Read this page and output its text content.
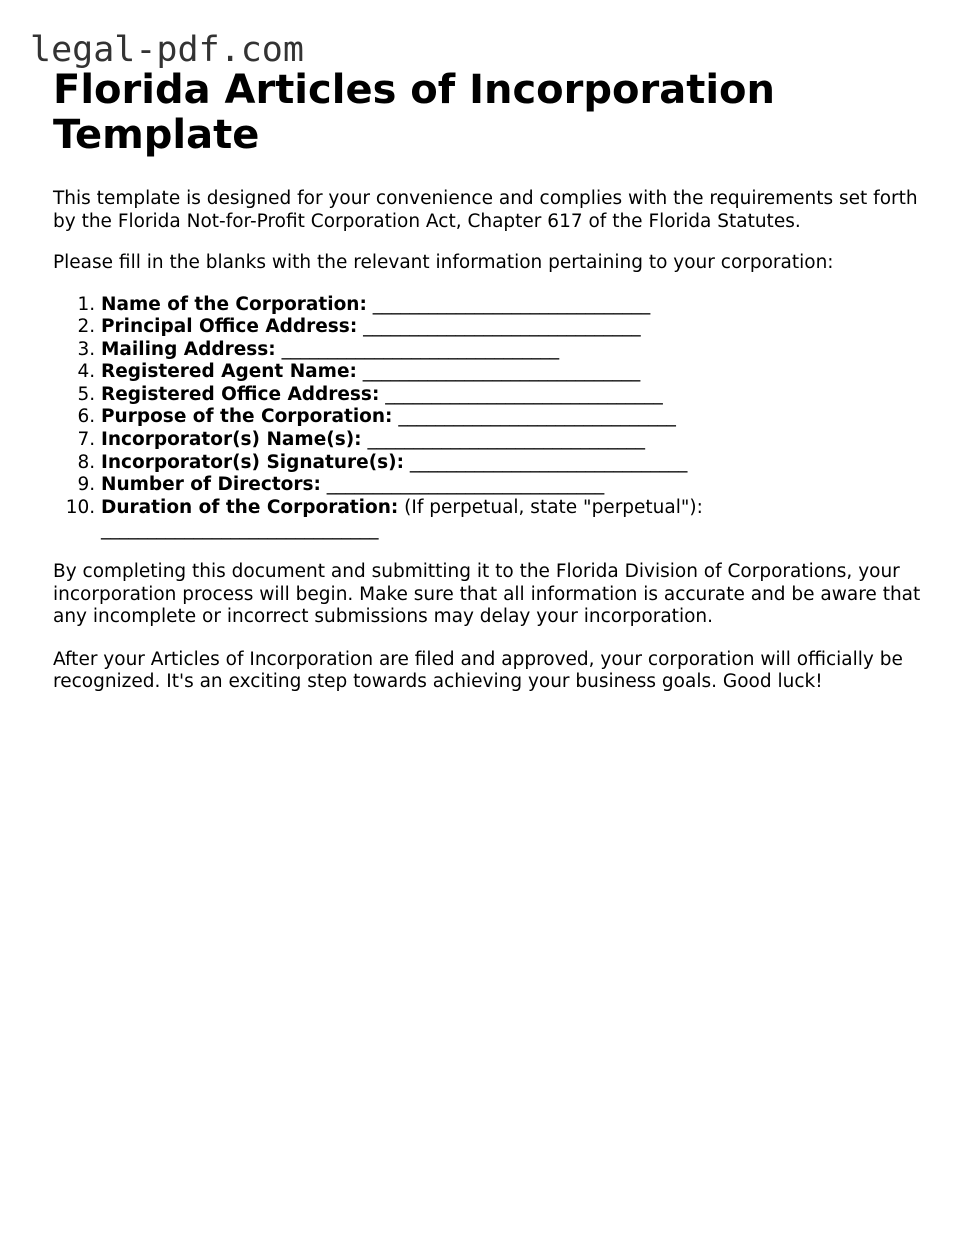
legal-pdf.com
Florida Articles of Incorporation Template

This template is designed for your convenience and complies with the requirements set forth by the Florida Not-for-Profit Corporation Act, Chapter 617 of the Florida Statutes.

Please fill in the blanks with the relevant information pertaining to your corporation:

1. Name of the Corporation: ______________________________
2. Principal Office Address: ______________________________
3. Mailing Address: ______________________________
4. Registered Agent Name: ______________________________
5. Registered Office Address: ______________________________
6. Purpose of the Corporation: ______________________________
7. Incorporator(s) Name(s): ______________________________
8. Incorporator(s) Signature(s): ______________________________
9. Number of Directors: ______________________________
10. Duration of the Corporation: (If perpetual, state "perpetual"):
______________________________

By completing this document and submitting it to the Florida Division of Corporations, your incorporation process will begin. Make sure that all information is accurate and be aware that any incomplete or incorrect submissions may delay your incorporation.

After your Articles of Incorporation are filed and approved, your corporation will officially be recognized. It's an exciting step towards achieving your business goals. Good luck!
